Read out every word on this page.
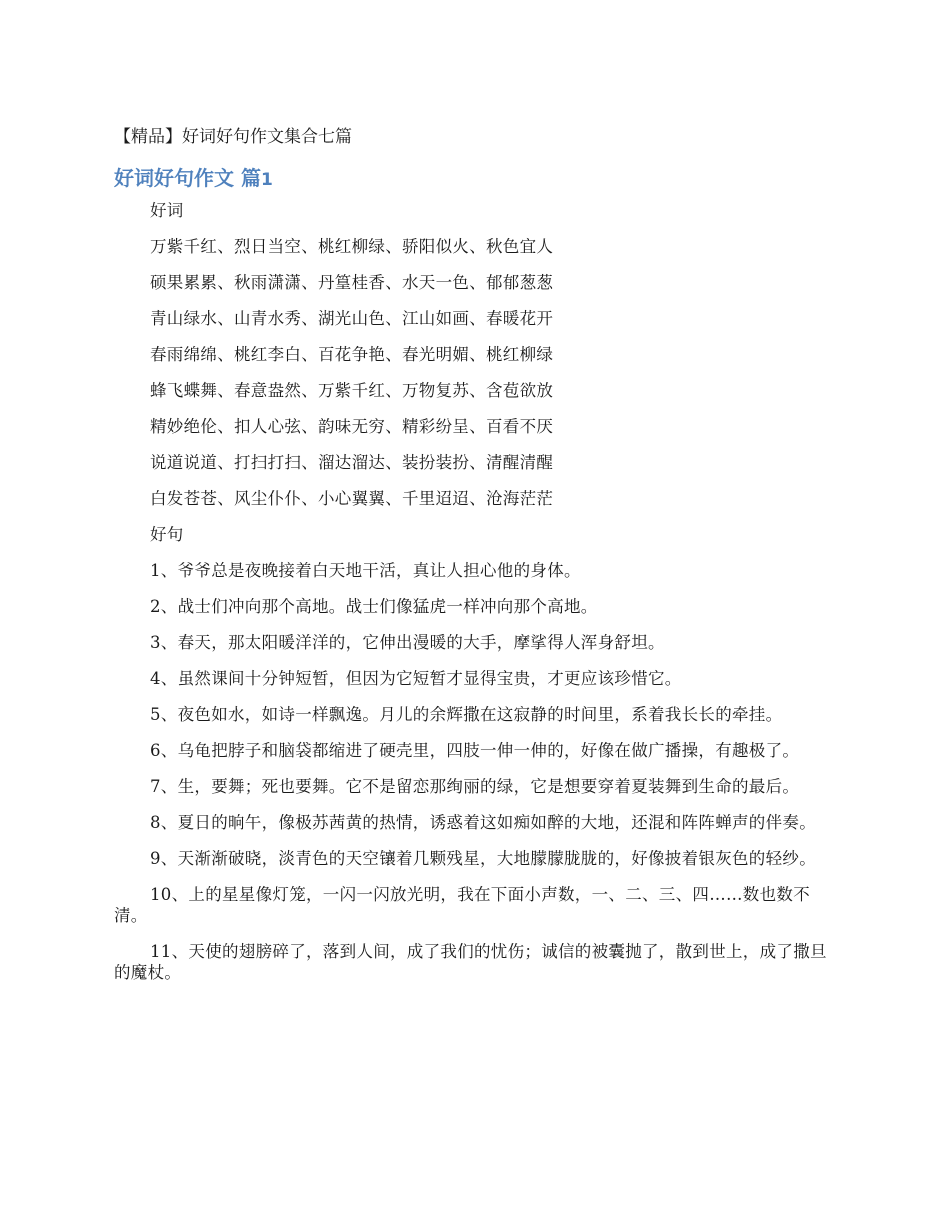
【精品】好词好句作文集合七篇
好词好句作文 篇1

好词

万紫千红、烈日当空、桃红柳绿、骄阳似火、秋色宜人

硕果累累、秋雨潇潇、丹篁桂香、水天一色、郁郁葱葱

青山绿水、山青水秀、湖光山色、江山如画、春暖花开

春雨绵绵、桃红李白、百花争艳、春光明媚、桃红柳绿

蜂飞蝶舞、春意盎然、万紫千红、万物复苏、含苞欲放

精妙绝伦、扣人心弦、韵味无穷、精彩纷呈、百看不厌

说道说道、打扫打扫、溜达溜达、装扮装扮、清醒清醒

白发苍苍、风尘仆仆、小心翼翼、千里迢迢、沧海茫茫

好句

1、爷爷总是夜晚接着白天地干活，真让人担心他的身体。

2、战士们冲向那个高地。战士们像猛虎一样冲向那个高地。

3、春天，那太阳暖洋洋的，它伸出漫暖的大手，摩挲得人浑身舒坦。

4、虽然课间十分钟短暂，但因为它短暂才显得宝贵，才更应该珍惜它。

5、夜色如水，如诗一样飘逸。月儿的余辉撒在这寂静的时间里，系着我长长的牵挂。

6、乌龟把脖子和脑袋都缩进了硬壳里，四肢一伸一伸的，好像在做广播操，有趣极了。

7、生，要舞；死也要舞。它不是留恋那绚丽的绿，它是想要穿着夏装舞到生命的最后。

8、夏日的晌午，像极苏茜黄的热情，诱惑着这如痴如醉的大地，还混和阵阵蝉声的伴奏。

9、天渐渐破晓，淡青色的天空镶着几颗残星，大地朦朦胧胧的，好像披着银灰色的轻纱。

10、上的星星像灯笼，一闪一闪放光明，我在下面小声数，一、二、三、四……数也数不清。

11、天使的翅膀碎了，落到人间，成了我们的忧伤；诚信的被囊抛了，散到世上，成了撒旦的魔杖。
